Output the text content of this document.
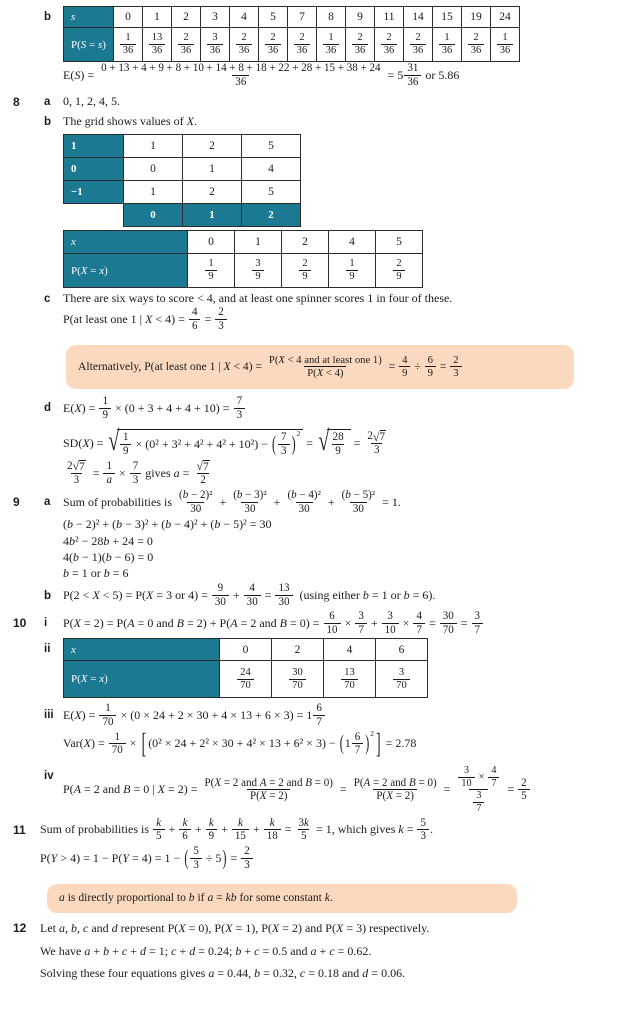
b s	0	1	2	3	4	5	7	8	9	11	14	15	19	24
P(S = s)	$\frac{1}{36}$	$\frac{13}{36}$	$\frac{2}{36}$	$\frac{3}{36}$	$\frac{2}{36}$	$\frac{2}{36}$	$\frac{2}{36}$	$\frac{1}{36}$	$\frac{2}{36}$	$\frac{2}{36}$	$\frac{2}{36}$	$\frac{1}{36}$	$\frac{2}{36}$	$\frac{1}{36}$
E( S ) = 0 + 13 + 4 + 9 + 8 + 10 + 14 + 8 + 18 + 22 + 28 + 15 + 38 + 24
36	= $5 \frac{31}{36}$ or 5.86
8 a 0, 1, 2, 4, 5.
b The grid shows values of X .
1	1	2	5
0	0	1	4
−1	1	2	5
	0	1	2
x	0	1	2	4	5
P(X = x)	$\frac{1}{9}$	$\frac{3}{9}$	$\frac{2}{9}$	$\frac{1}{9}$	$\frac{2}{9}$
c There are six ways to score < 4, and at least one spinner scores 1 in four of these.
P(at least one 1 | $X < 4) = \frac{4}{6} = \frac{2}{3}$
Alternatively, P(at least one 1 | $X < 4) = \frac{\text{P( X < 4 and at least one 1)}}{P( X < 4)} = \frac{4}{9} \div \frac{6}{9} = \frac{2}{3}$
d E( X ) = $\frac{1}{9} \times (0 + 3 + 4 + 4 + 10) = \frac{7}{3}$
SD( X ) = √ $\frac{1}{9} \times (0^2 + 3^2 + 4^2 + 4^2 + 10^2)$ − ( $\frac{7}{3} )^2$
= √ $\frac{28}{9} = \frac{2 √ 7}{3}$
$\frac{2 √ 7}{3} = \frac{1}{a} \times \frac{7}{3}$ gives $a = \frac{√ 7}{2}$
9 a Sum of probabilities is $\frac{\text{( b − 2)²}}{30} + \frac{\text{( b − 3)²}}{30} + \frac{\text{( b − 4)²}}{30} + \frac{\text{( b − 5)²}}{30} = 1$.
( b − 2)² + ( b − 3)² + ( b − 4)² + ( b − 5)² = 30
4 b ² − 28 b + 24 = 0
4( b − 1)( b − 6) = 0
b = 1 or b = 6
b P(2 < X < 5) = P( X = 3 or $4) = \frac{9}{30} + \frac{4}{30} = \frac{13}{30} (using$ either b = 1 or b = 6).
10 i P( X = 2) = P( A = 0 and B = 2) + P( A = 2 and $B = 0) = \frac{6}{10} \times \frac{3}{7} + \frac{3}{10} \times \frac{4}{7} = \frac{30}{70} = \frac{3}{7}$
ii x	0	2	4	6
P(X = x)	$\frac{24}{70}$	$\frac{30}{70}$	$\frac{13}{70}$	$\frac{3}{70}$
iii E( X ) = $\frac{1}{70} \times (0 \times 24 + 2 \times 30 + 4 \times 13 + 6 \times 3) = 1 \frac{6}{7}$
Var( X ) = $\frac{1}{70}$ × [ (0² × 24 + 2² × 30 + 4² × 13 + 6² × 3) − ( $1 \frac{6}{7} )^2$ ] = 2.78
iv
P( A = 2 and B = 0 | $X = 2) = \frac{\text{P( X = 2 and A = 2 and B = 0)}}{P( X = 2)} = \frac{\text{P( A = 2 and B = 0)}}{P( X = 2)} = \frac{\frac{3}{10} \times \frac{4}{7}}{\frac{3}{7}} = \frac{2}{5}$
11 Sum of probabilities is $\frac{k}{5} + \frac{k}{6} + \frac{k}{9} + \frac{k}{15} + \frac{k}{18} = \frac{3 k}{5} = 1$, which gives $k = \frac{5}{3}$ .
P( Y > 4) = 1 − P( Y = 4) = 1 − ( $\frac{5}{3} \div 5$ ) = $\frac{2}{3}$
a is directly proportional to b if a = kb for some constant k .
12 Let a , b , c and d represent P( X = 0), P( X = 1), P( X = 2) and P( X = 3) respectively.
We have a + b + c + d = 1; c + d = 0.24; b + c = 0.5 and a + c = 0.62.
Solving these four equations gives a = 0.44, b = 0.32, c = 0.18 and d = 0.06.
